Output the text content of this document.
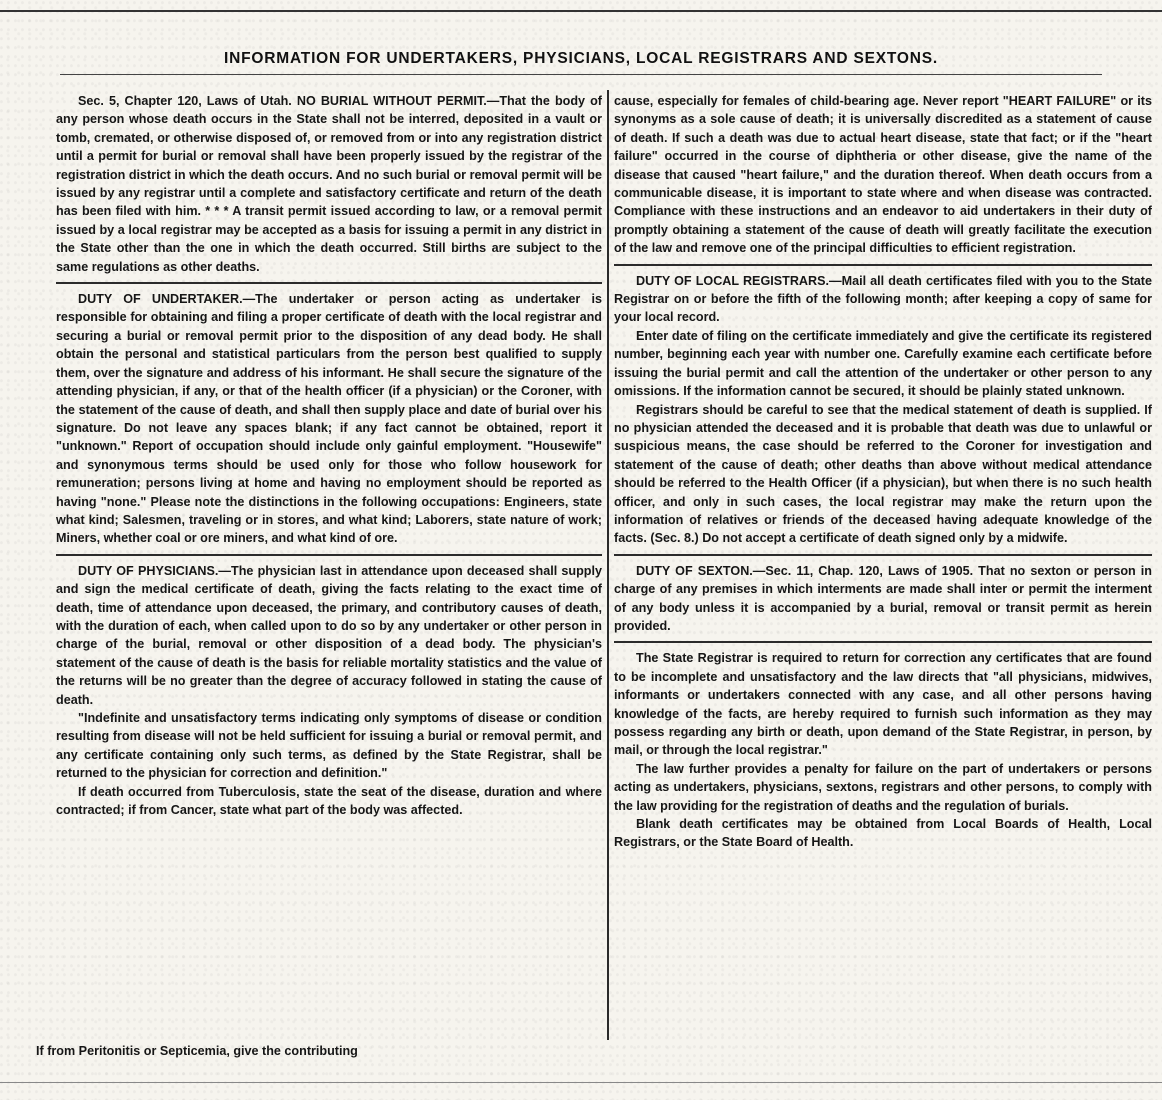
INFORMATION FOR UNDERTAKERS, PHYSICIANS, LOCAL REGISTRARS AND SEXTONS.

Sec. 5, Chapter 120, Laws of Utah. NO BURIAL WITHOUT PERMIT.—That the body of any person whose death occurs in the State shall not be interred, deposited in a vault or tomb, cremated, or otherwise disposed of, or removed from or into any registration district until a permit for burial or removal shall have been properly issued by the registrar of the registration district in which the death occurs. And no such burial or removal permit will be issued by any registrar until a complete and satisfactory certificate and return of the death has been filed with him. * * * A transit permit issued according to law, or a removal permit issued by a local registrar may be accepted as a basis for issuing a permit in any district in the State other than the one in which the death occurred. Still births are subject to the same regulations as other deaths.

DUTY OF UNDERTAKER.—The undertaker or person acting as undertaker is responsible for obtaining and filing a proper certificate of death with the local registrar and securing a burial or removal permit prior to the disposition of any dead body. He shall obtain the personal and statistical particulars from the person best qualified to supply them, over the signature and address of his informant. He shall secure the signature of the attending physician, if any, or that of the health officer (if a physician) or the Coroner, with the statement of the cause of death, and shall then supply place and date of burial over his signature. Do not leave any spaces blank; if any fact cannot be obtained, report it "unknown." Report of occupation should include only gainful employment. "Housewife" and synonymous terms should be used only for those who follow housework for remuneration; persons living at home and having no employment should be reported as having "none." Please note the distinctions in the following occupations: Engineers, state what kind; Salesmen, traveling or in stores, and what kind; Laborers, state nature of work; Miners, whether coal or ore miners, and what kind of ore.

DUTY OF PHYSICIANS.—The physician last in attendance upon deceased shall supply and sign the medical certificate of death, giving the facts relating to the exact time of death, time of attendance upon deceased, the primary, and contributory causes of death, with the duration of each, when called upon to do so by any undertaker or other person in charge of the burial, removal or other disposition of a dead body. The physician's statement of the cause of death is the basis for reliable mortality statistics and the value of the returns will be no greater than the degree of accuracy followed in stating the cause of death.

"Indefinite and unsatisfactory terms indicating only symptoms of disease or condition resulting from disease will not be held sufficient for issuing a burial or removal permit, and any certificate containing only such terms, as defined by the State Registrar, shall be returned to the physician for correction and definition."

If death occurred from Tuberculosis, state the seat of the disease, duration and where contracted; if from Cancer, state what part of the body was affected.

cause, especially for females of child-bearing age. Never report "HEART FAILURE" or its synonyms as a sole cause of death; it is universally discredited as a statement of cause of death. If such a death was due to actual heart disease, state that fact; or if the "heart failure" occurred in the course of diphtheria or other disease, give the name of the disease that caused "heart failure," and the duration thereof. When death occurs from a communicable disease, it is important to state where and when disease was contracted. Compliance with these instructions and an endeavor to aid undertakers in their duty of promptly obtaining a statement of the cause of death will greatly facilitate the execution of the law and remove one of the principal difficulties to efficient registration.

DUTY OF LOCAL REGISTRARS.—Mail all death certificates filed with you to the State Registrar on or before the fifth of the following month; after keeping a copy of same for your local record.

Enter date of filing on the certificate immediately and give the certificate its registered number, beginning each year with number one. Carefully examine each certificate before issuing the burial permit and call the attention of the undertaker or other person to any omissions. If the information cannot be secured, it should be plainly stated unknown.

Registrars should be careful to see that the medical statement of death is supplied. If no physician attended the deceased and it is probable that death was due to unlawful or suspicious means, the case should be referred to the Coroner for investigation and statement of the cause of death; other deaths than above without medical attendance should be referred to the Health Officer (if a physician), but when there is no such health officer, and only in such cases, the local registrar may make the return upon the information of relatives or friends of the deceased having adequate knowledge of the facts. (Sec. 8.) Do not accept a certificate of death signed only by a midwife.

DUTY OF SEXTON.—Sec. 11, Chap. 120, Laws of 1905. That no sexton or person in charge of any premises in which interments are made shall inter or permit the interment of any body unless it is accompanied by a burial, removal or transit permit as herein provided.

The State Registrar is required to return for correction any certificates that are found to be incomplete and unsatisfactory and the law directs that "all physicians, midwives, informants or undertakers connected with any case, and all other persons having knowledge of the facts, are hereby required to furnish such information as they may possess regarding any birth or death, upon demand of the State Registrar, in person, by mail, or through the local registrar."

The law further provides a penalty for failure on the part of undertakers or persons acting as undertakers, physicians, sextons, registrars and other persons, to comply with the law providing for the registration of deaths and the regulation of burials.

Blank death certificates may be obtained from Local Boards of Health, Local Registrars, or the State Board of Health.

If from Peritonitis or Septicemia, give the contributing
